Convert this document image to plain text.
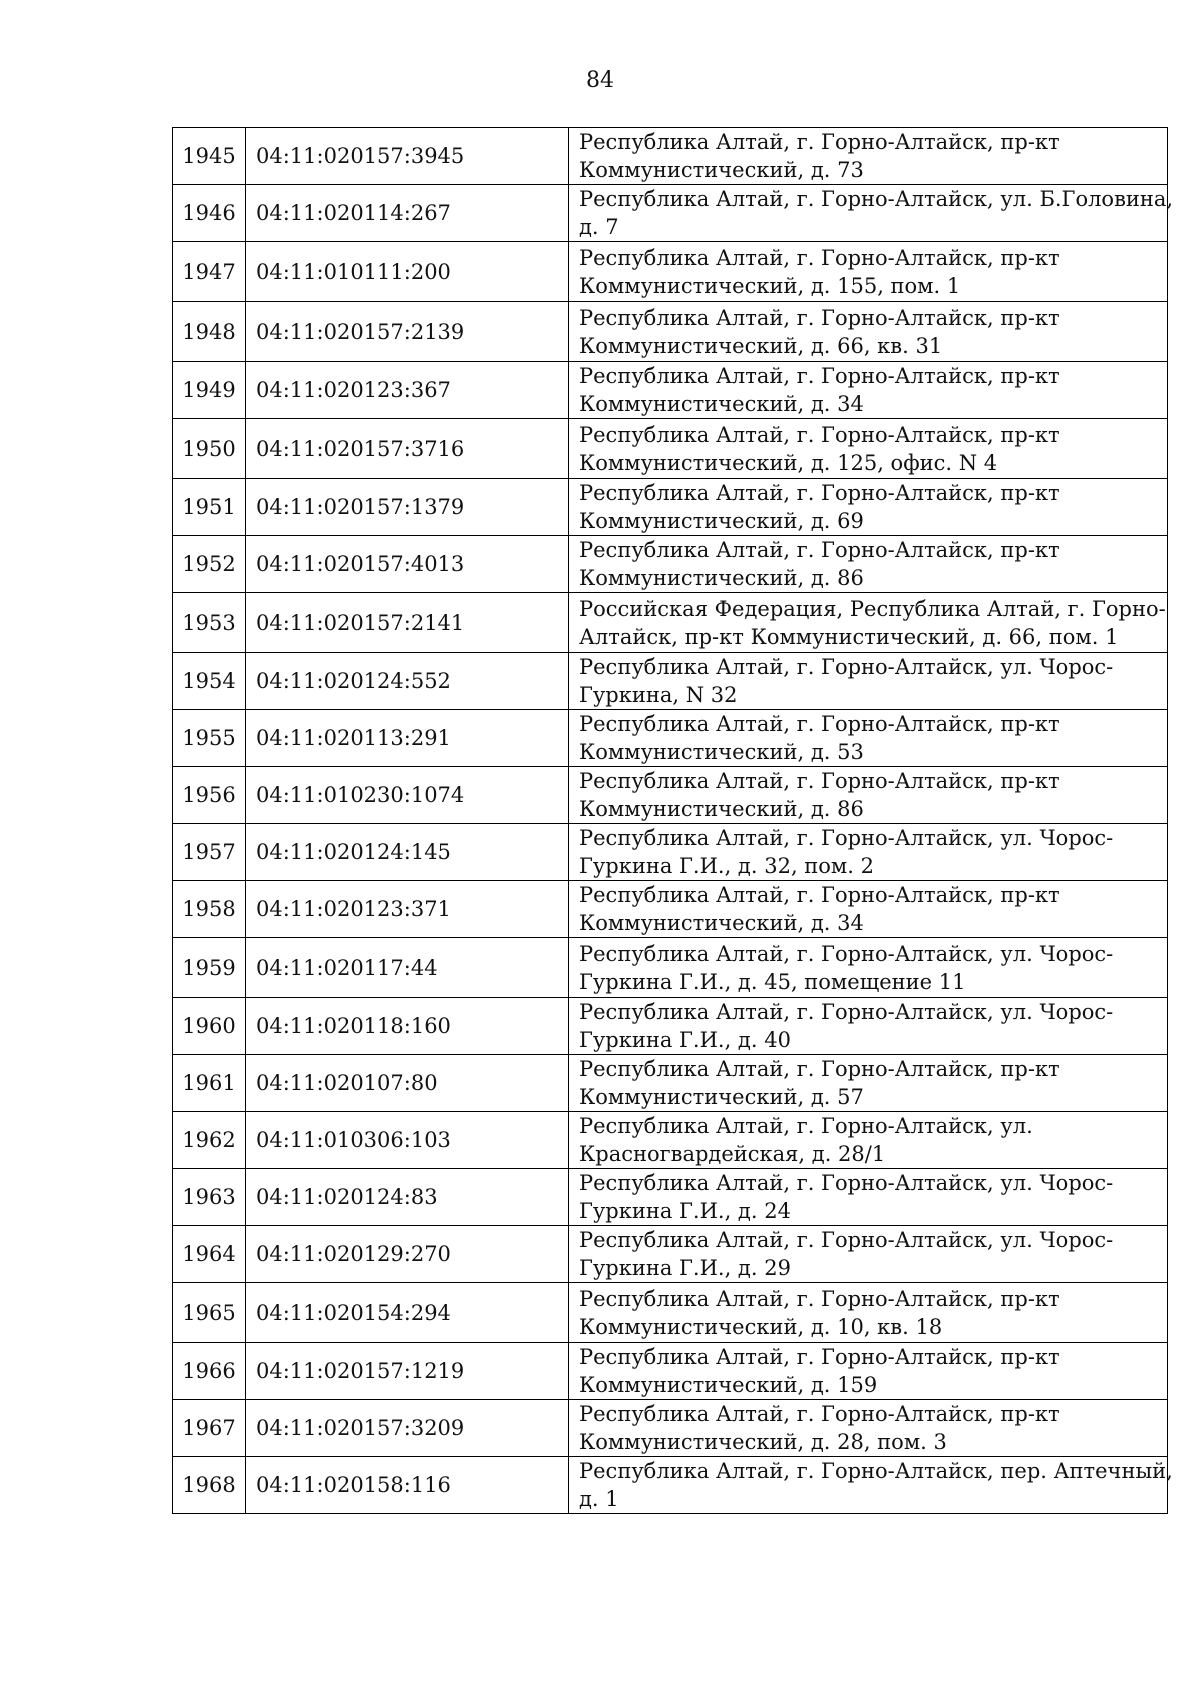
84
1945	04:11:020157:3945	Республика Алтай, г. Горно-Алтайск, пр-кт
Коммунистический, д. 73

1946	04:11:020114:267	Республика Алтай, г. Горно-Алтайск, ул. Б.Головина,
д. 7

1947	04:11:010111:200	Республика Алтай, г. Горно-Алтайск, пр-кт
Коммунистический, д. 155, пом. 1

1948	04:11:020157:2139	Республика Алтай, г. Горно-Алтайск, пр-кт
Коммунистический, д. 66, кв. 31

1949	04:11:020123:367	Республика Алтай, г. Горно-Алтайск, пр-кт
Коммунистический, д. 34

1950	04:11:020157:3716	Республика Алтай, г. Горно-Алтайск, пр-кт
Коммунистический, д. 125, офис. N 4

1951	04:11:020157:1379	Республика Алтай, г. Горно-Алтайск, пр-кт
Коммунистический, д. 69

1952	04:11:020157:4013	Республика Алтай, г. Горно-Алтайск, пр-кт
Коммунистический, д. 86

1953	04:11:020157:2141	Российская Федерация, Республика Алтай, г. Горно-
Алтайск, пр-кт Коммунистический, д. 66, пом. 1

1954	04:11:020124:552	Республика Алтай, г. Горно-Алтайск, ул. Чорос-
Гуркина, N 32

1955	04:11:020113:291	Республика Алтай, г. Горно-Алтайск, пр-кт
Коммунистический, д. 53

1956	04:11:010230:1074	Республика Алтай, г. Горно-Алтайск, пр-кт
Коммунистический, д. 86

1957	04:11:020124:145	Республика Алтай, г. Горно-Алтайск, ул. Чорос-
Гуркина Г.И., д. 32, пом. 2

1958	04:11:020123:371	Республика Алтай, г. Горно-Алтайск, пр-кт
Коммунистический, д. 34

1959	04:11:020117:44	Республика Алтай, г. Горно-Алтайск, ул. Чорос-
Гуркина Г.И., д. 45, помещение 11

1960	04:11:020118:160	Республика Алтай, г. Горно-Алтайск, ул. Чорос-
Гуркина Г.И., д. 40

1961	04:11:020107:80	Республика Алтай, г. Горно-Алтайск, пр-кт
Коммунистический, д. 57

1962	04:11:010306:103	Республика Алтай, г. Горно-Алтайск, ул.
Красногвардейская, д. 28/1

1963	04:11:020124:83	Республика Алтай, г. Горно-Алтайск, ул. Чорос-
Гуркина Г.И., д. 24

1964	04:11:020129:270	Республика Алтай, г. Горно-Алтайск, ул. Чорос-
Гуркина Г.И., д. 29

1965	04:11:020154:294	Республика Алтай, г. Горно-Алтайск, пр-кт
Коммунистический, д. 10, кв. 18

1966	04:11:020157:1219	Республика Алтай, г. Горно-Алтайск, пр-кт
Коммунистический, д. 159

1967	04:11:020157:3209	Республика Алтай, г. Горно-Алтайск, пр-кт
Коммунистический, д. 28, пом. 3

1968	04:11:020158:116	Республика Алтай, г. Горно-Алтайск, пер. Аптечный,
д. 1
